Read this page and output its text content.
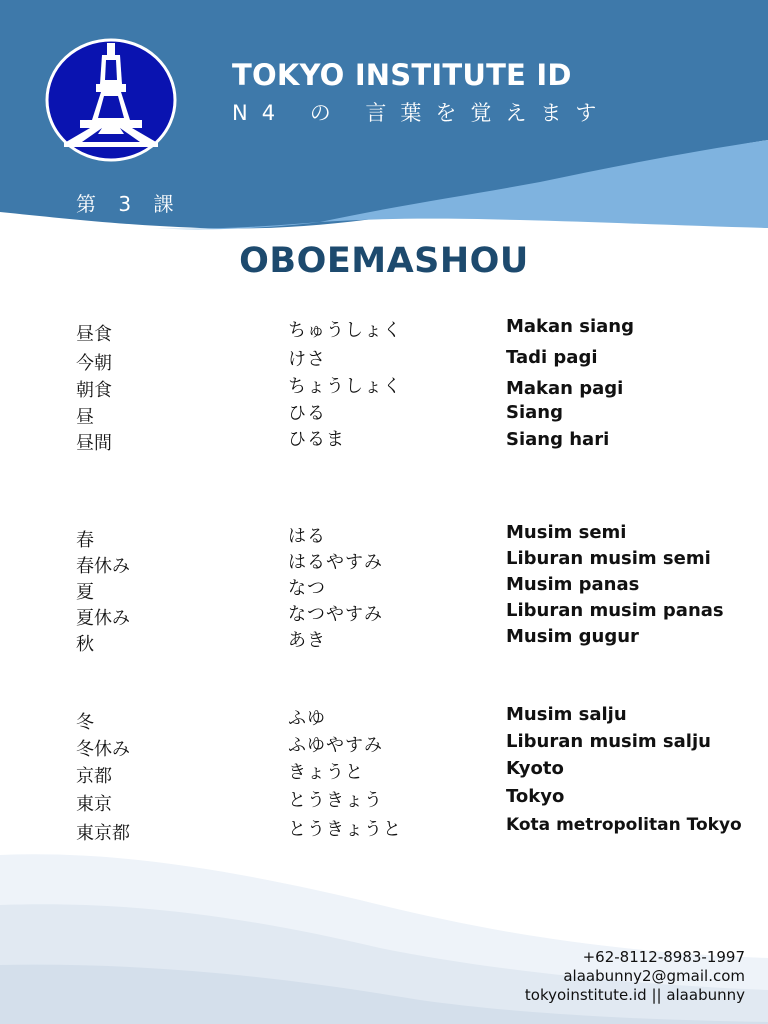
TOKYO INSTITUTE ID
N4 の 言葉を覚えます
第 3 課
OBOEMASHOU
昼食	ちゅうしょく	Makan siang
今朝	けさ	Tadi pagi
朝食	ちょうしょく	Makan pagi
昼	ひる	Siang
昼間	ひるま	Siang hari
春	はる	Musim semi
春休み	はるやすみ	Liburan musim semi
夏	なつ	Musim panas
夏休み	なつやすみ	Liburan musim panas
秋	あき	Musim gugur
冬	ふゆ	Musim salju
冬休み	ふゆやすみ	Liburan musim salju
京都	きょうと	Kyoto
東京	とうきょう	Tokyo
東京都	とうきょうと	Kota metropolitan Tokyo
+62-8112-8983-1997
alaabunny2@gmail.com
tokyoinstitute.id || alaabunny
